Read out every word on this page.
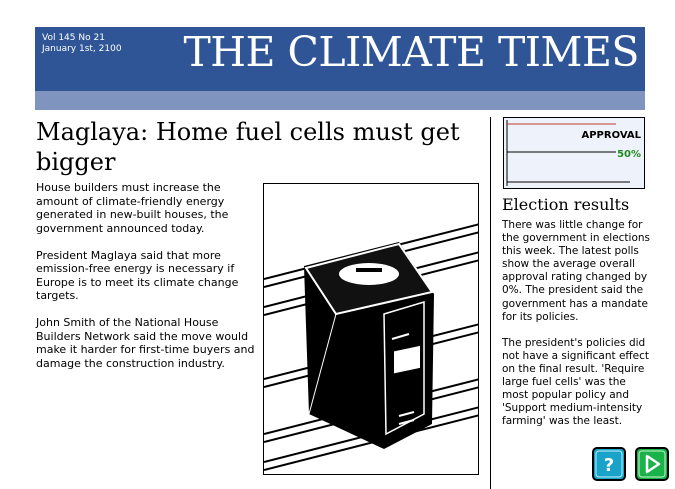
Vol 145 No 21
January 1st, 2100 THE CLIMATE TIMES
Maglaya: Home fuel cells must get bigger

House builders must increase the amount of climate-friendly energy generated in new-built houses, the government announced today.

President Maglaya said that more emission-free energy is necessary if Europe is to meet its climate change targets.

John Smith of the National House Builders Network said the move would make it harder for first-time buyers and damage the construction industry.

APPROVAL
50%
Election results

There was little change for the government in elections this week. The latest polls show the average overall approval rating changed by 0%. The president said the government has a mandate for its policies.

The president's policies did not have a significant effect on the final result. 'Require large fuel cells' was the most popular policy and 'Support medium-intensity farming' was the least.

?
